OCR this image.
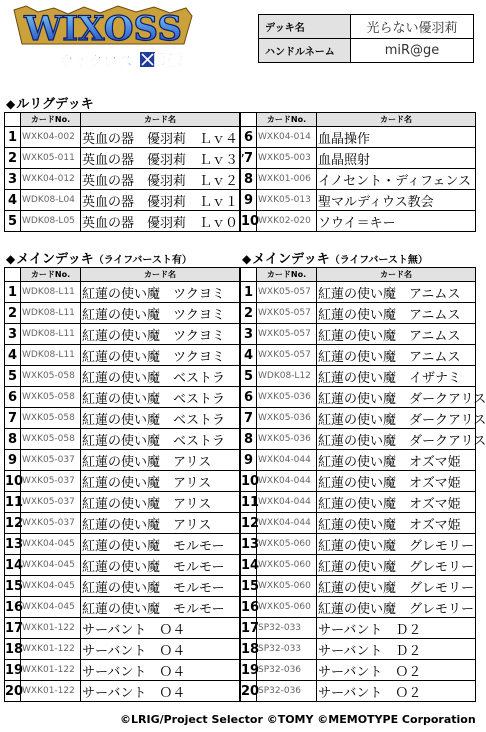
WIXOSS
ウィクロス 図鑑
デッキ名	光らない優羽莉
ハンドルネーム	miR@ge
◆ルリグデッキ
	カードNo.	カード名
1	WXK04-002	英血の器　優羽莉　Ｌｖ４’
2	WXK05-011	英血の器　優羽莉　Ｌｖ３”
3	WXK04-012	英血の器　優羽莉　Ｌｖ２’
4	WDK08-L04	英血の器　優羽莉　Ｌｖ１
5	WDK08-L05	英血の器　優羽莉　Ｌｖ０
	カードNo.	カード名
6	WXK04-014	血晶操作
7	WXK05-003	血晶照射
8	WXK01-006	イノセント・ディフェンス
9	WXK05-013	聖マルディウス教会
10	WXK02-020	ソウイ＝キー
◆メインデッキ（ライフバースト有）	◆メインデッキ（ライフバースト無）
	カードNo.	カード名
1	WDK08-L11	紅蓮の使い魔　ツクヨミ
2	WDK08-L11	紅蓮の使い魔　ツクヨミ
3	WDK08-L11	紅蓮の使い魔　ツクヨミ
4	WDK08-L11	紅蓮の使い魔　ツクヨミ
5	WXK05-058	紅蓮の使い魔　ベストラ
6	WXK05-058	紅蓮の使い魔　ベストラ
7	WXK05-058	紅蓮の使い魔　ベストラ
8	WXK05-058	紅蓮の使い魔　ベストラ
9	WXK05-037	紅蓮の使い魔　アリス
10	WXK05-037	紅蓮の使い魔　アリス
11	WXK05-037	紅蓮の使い魔　アリス
12	WXK05-037	紅蓮の使い魔　アリス
13	WXK04-045	紅蓮の使い魔　モルモー
14	WXK04-045	紅蓮の使い魔　モルモー
15	WXK04-045	紅蓮の使い魔　モルモー
16	WXK04-045	紅蓮の使い魔　モルモー
17	WXK01-122	サーバント　Ｏ４
18	WXK01-122	サーバント　Ｏ４
19	WXK01-122	サーバント　Ｏ４
20	WXK01-122	サーバント　Ｏ４
	カードNo.	カード名
1	WXK05-057	紅蓮の使い魔　アニムス
2	WXK05-057	紅蓮の使い魔　アニムス
3	WXK05-057	紅蓮の使い魔　アニムス
4	WXK05-057	紅蓮の使い魔　アニムス
5	WDK08-L12	紅蓮の使い魔　イザナミ
6	WXK05-036	紅蓮の使い魔　ダークアリス
7	WXK05-036	紅蓮の使い魔　ダークアリス
8	WXK05-036	紅蓮の使い魔　ダークアリス
9	WXK04-044	紅蓮の使い魔　オズマ姫
10	WXK04-044	紅蓮の使い魔　オズマ姫
11	WXK04-044	紅蓮の使い魔　オズマ姫
12	WXK04-044	紅蓮の使い魔　オズマ姫
13	WXK05-060	紅蓮の使い魔　グレモリー
14	WXK05-060	紅蓮の使い魔　グレモリー
15	WXK05-060	紅蓮の使い魔　グレモリー
16	WXK05-060	紅蓮の使い魔　グレモリー
17	SP32-033	サーバント　Ｄ２
18	SP32-033	サーバント　Ｄ２
19	SP32-036	サーバント　Ｏ２
20	SP32-036	サーバント　Ｏ２
©LRIG/Project Selector ©TOMY ©MEMOTYPE Corporation
